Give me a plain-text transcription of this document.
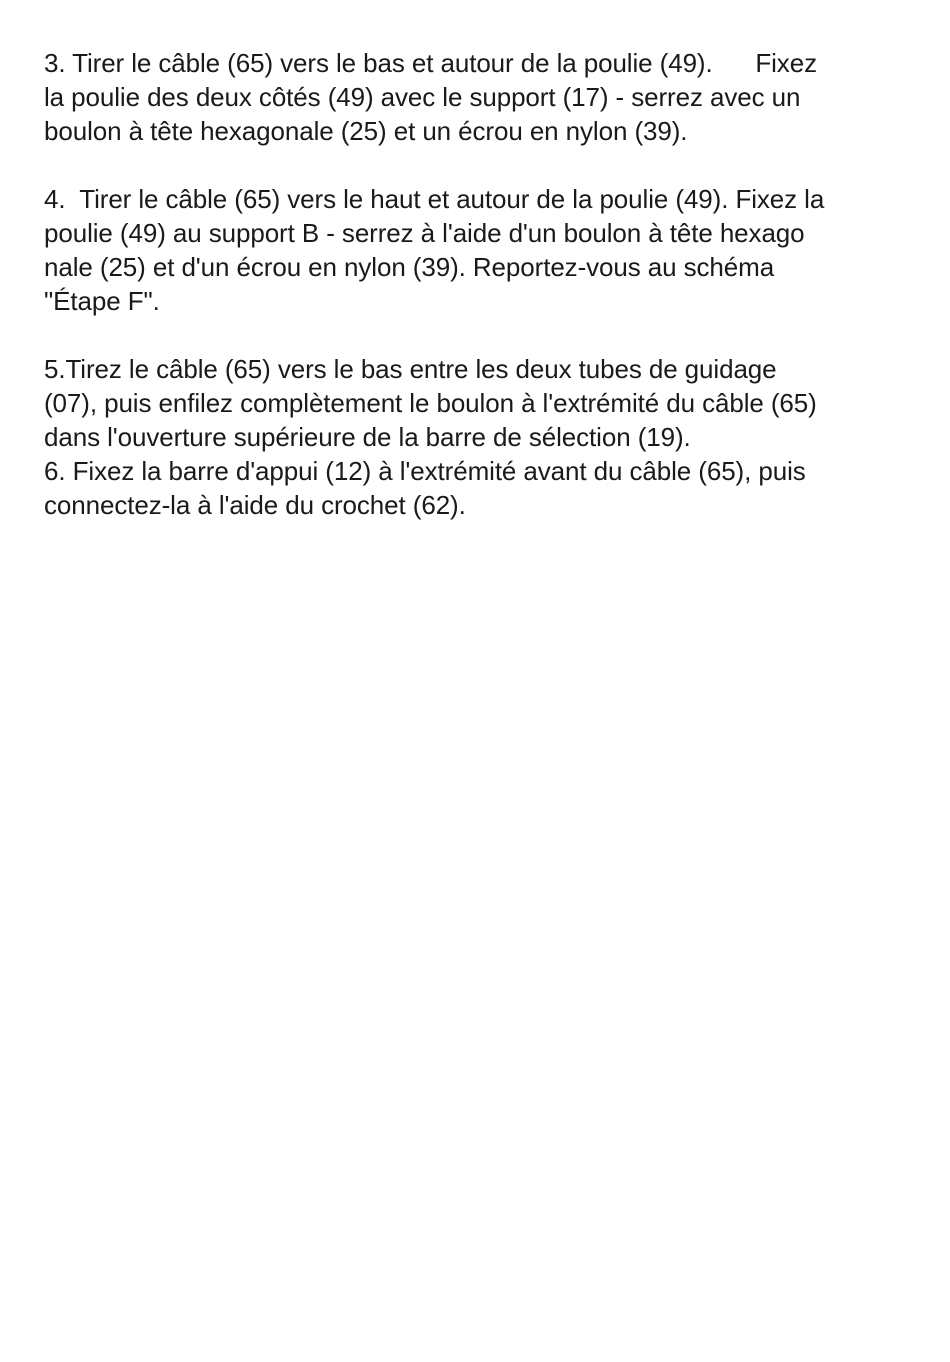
3. Tirer le câble (65) vers le bas et autour de la poulie (49).      Fixez
la poulie des deux côtés (49) avec le support (17) - serrez avec un
boulon à tête hexagonale (25) et un écrou en nylon (39).
4.  Tirer le câble (65) vers le haut et autour de la poulie (49). Fixez la
poulie (49) au support B - serrez à l'aide d'un boulon à tête hexago
nale (25) et d'un écrou en nylon (39). Reportez-vous au schéma
"Étape F".
5.Tirez le câble (65) vers le bas entre les deux tubes de guidage
(07), puis enfilez complètement le boulon à l'extrémité du câble (65)
dans l'ouverture supérieure de la barre de sélection (19).
6. Fixez la barre d'appui (12) à l'extrémité avant du câble (65), puis
connectez-la à l'aide du crochet (62).
